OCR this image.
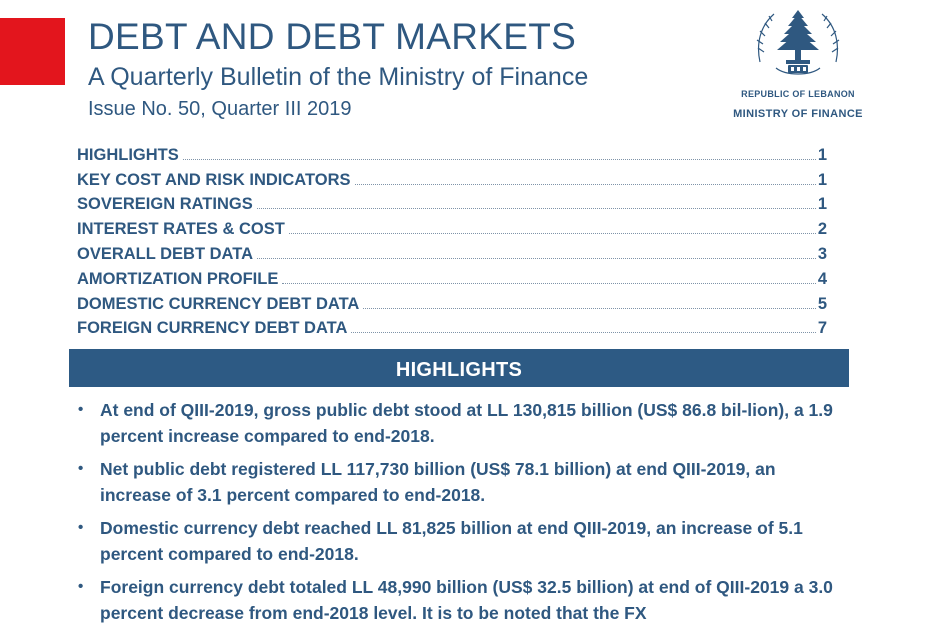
DEBT AND DEBT MARKETS
A Quarterly Bulletin of the Ministry of Finance
Issue No. 50, Quarter III 2019
REPUBLIC OF LEBANON
MINISTRY OF FINANCE
HIGHLIGHTS	1
KEY COST AND RISK INDICATORS	1
SOVEREIGN RATINGS	1
INTEREST RATES & COST	2
OVERALL DEBT DATA	3
AMORTIZATION PROFILE	4
DOMESTIC CURRENCY DEBT DATA	5
FOREIGN CURRENCY DEBT DATA	7
HIGHLIGHTS
• At end of QIII-2019, gross public debt stood at LL 130,815 billion (US$ 86.8 bil-lion), a 1.9 percent increase compared to end-2018.
• Net public debt registered LL 117,730 billion (US$ 78.1 billion) at end QIII-2019, an increase of 3.1 percent compared to end-2018.
• Domestic currency debt reached LL 81,825 billion at end QIII-2019, an increase of 5.1 percent compared to end-2018.
• Foreign currency debt totaled LL 48,990 billion (US$ 32.5 billion) at end of QIII-2019 a 3.0 percent decrease from end-2018 level. It is to be noted that the FX
